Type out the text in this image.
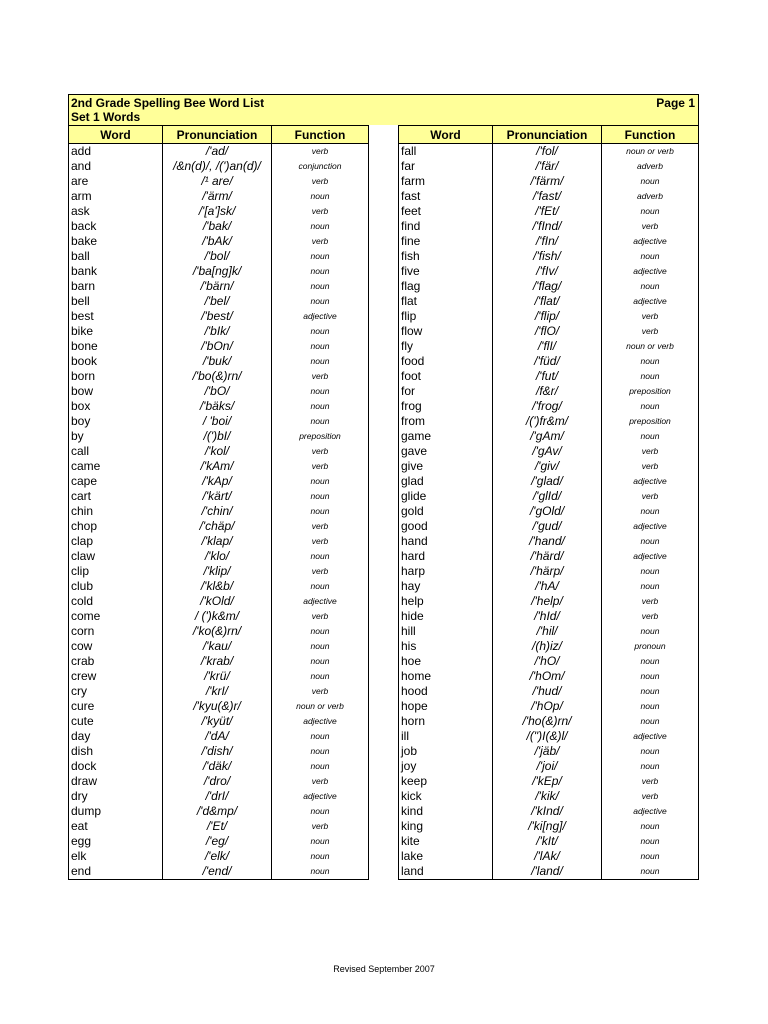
2nd Grade Spelling Bee Word List
Set 1 Words
Page 1
Word	Pronunciation	Function
add	/'ad/	verb
and	/&n(d)/, /(')an(d)/	conjunction
are	/¹ are/	verb
arm	/'ärm/	noun
ask	/'[a']sk/	verb
back	/'bak/	noun
bake	/'bAk/	verb
ball	/'bol/	noun
bank	/'ba[ng]k/	noun
barn	/'bärn/	noun
bell	/'bel/	noun
best	/'best/	adjective
bike	/'bIk/	noun
bone	/'bOn/	noun
book	/'buk/	noun
born	/'bo(&)rn/	verb
bow	/'bO/	noun
box	/'bäks/	noun
boy	/ 'boi/	noun
by	/(')bI/	preposition
call	/'kol/	verb
came	/'kAm/	verb
cape	/'kAp/	noun
cart	/'kärt/	noun
chin	/'chin/	noun
chop	/'chäp/	verb
clap	/'klap/	verb
claw	/'klo/	noun
clip	/'klip/	verb
club	/'kl&b/	noun
cold	/'kOld/	adjective
come	/ (')k&m/	verb
corn	/'ko(&)rn/	noun
cow	/'kau/	noun
crab	/'krab/	noun
crew	/'krü/	noun
cry	/'krI/	verb
cure	/'kyu(&)r/	noun or verb
cute	/'kyüt/	adjective
day	/'dA/	noun
dish	/'dish/	noun
dock	/'däk/	noun
draw	/'dro/	verb
dry	/'drI/	adjective
dump	/'d&mp/	noun
eat	/'Et/	verb
egg	/'eg/	noun
elk	/'elk/	noun
end	/'end/	noun
Word	Pronunciation	Function
fall	/'fol/	noun or verb
far	/'fär/	adverb
farm	/'färm/	noun
fast	/'fast/	adverb
feet	/'fEt/	noun
find	/'fInd/	verb
fine	/'fIn/	adjective
fish	/'fish/	noun
five	/'fIv/	adjective
flag	/'flag/	noun
flat	/'flat/	adjective
flip	/'flip/	verb
flow	/'flO/	verb
fly	/'flI/	noun or verb
food	/'füd/	noun
foot	/'fut/	noun
for	/f&r/	preposition
frog	/'frog/	noun
from	/(')fr&m/	preposition
game	/'gAm/	noun
gave	/'gAv/	verb
give	/'giv/	verb
glad	/'glad/	adjective
glide	/'glId/	verb
gold	/'gOld/	noun
good	/'gud/	adjective
hand	/'hand/	noun
hard	/'härd/	adjective
harp	/'härp/	noun
hay	/'hA/	noun
help	/'help/	verb
hide	/'hId/	verb
hill	/'hil/	noun
his	/(h)iz/	pronoun
hoe	/'hO/	noun
home	/'hOm/	noun
hood	/'hud/	noun
hope	/'hOp/	noun
horn	/'ho(&)rn/	noun
ill	/(")I(&)l/	adjective
job	/'jäb/	noun
joy	/'joi/	noun
keep	/'kEp/	verb
kick	/'kik/	verb
kind	/'kInd/	adjective
king	/'ki[ng]/	noun
kite	/'kIt/	noun
lake	/'lAk/	noun
land	/'land/	noun
Revised September 2007
